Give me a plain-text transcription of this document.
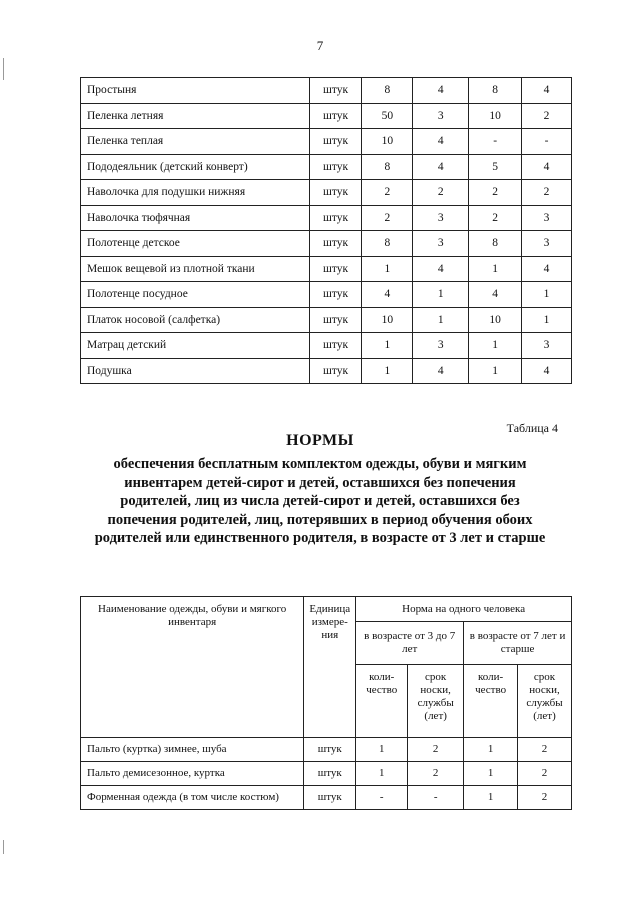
7
Простыня	штук	8	4	8	4
Пеленка летняя	штук	50	3	10	2
Пеленка теплая	штук	10	4	-	-
Пододеяльник (детский конверт)	штук	8	4	5	4
Наволочка для подушки нижняя	штук	2	2	2	2
Наволочка тюфячная	штук	2	3	2	3
Полотенце детское	штук	8	3	8	3
Мешок вещевой из плотной ткани	штук	1	4	1	4
Полотенце посудное	штук	4	1	4	1
Платок носовой (салфетка)	штук	10	1	10	1
Матрац детский	штук	1	3	1	3
Подушка	штук	1	4	1	4
Таблица 4
НОРМЫ
обеспечения бесплатным комплектом одежды, обуви и мягким инвентарем детей-сирот и детей, оставшихся без попечения родителей, лиц из числа детей-сирот и детей, оставшихся без попечения родителей, лиц, потерявших в период обучения обоих родителей или единственного родителя, в возрасте от 3 лет и старше
Наименование одежды, обуви и мягкого инвентаря	Единица измерения	Норма на одного человека			
		в возрасте от 3 до 7 лет		в возрасте от 7 лет и старше	
		количество	срок носки, службы (лет)	количество	срок носки, службы (лет)
Пальто (куртка) зимнее, шуба	штук	1	2	1	2
Пальто демисезонное, куртка	штук	1	2	1	2
Форменная одежда (в том числе костюм)	штук	-	-	1	2
